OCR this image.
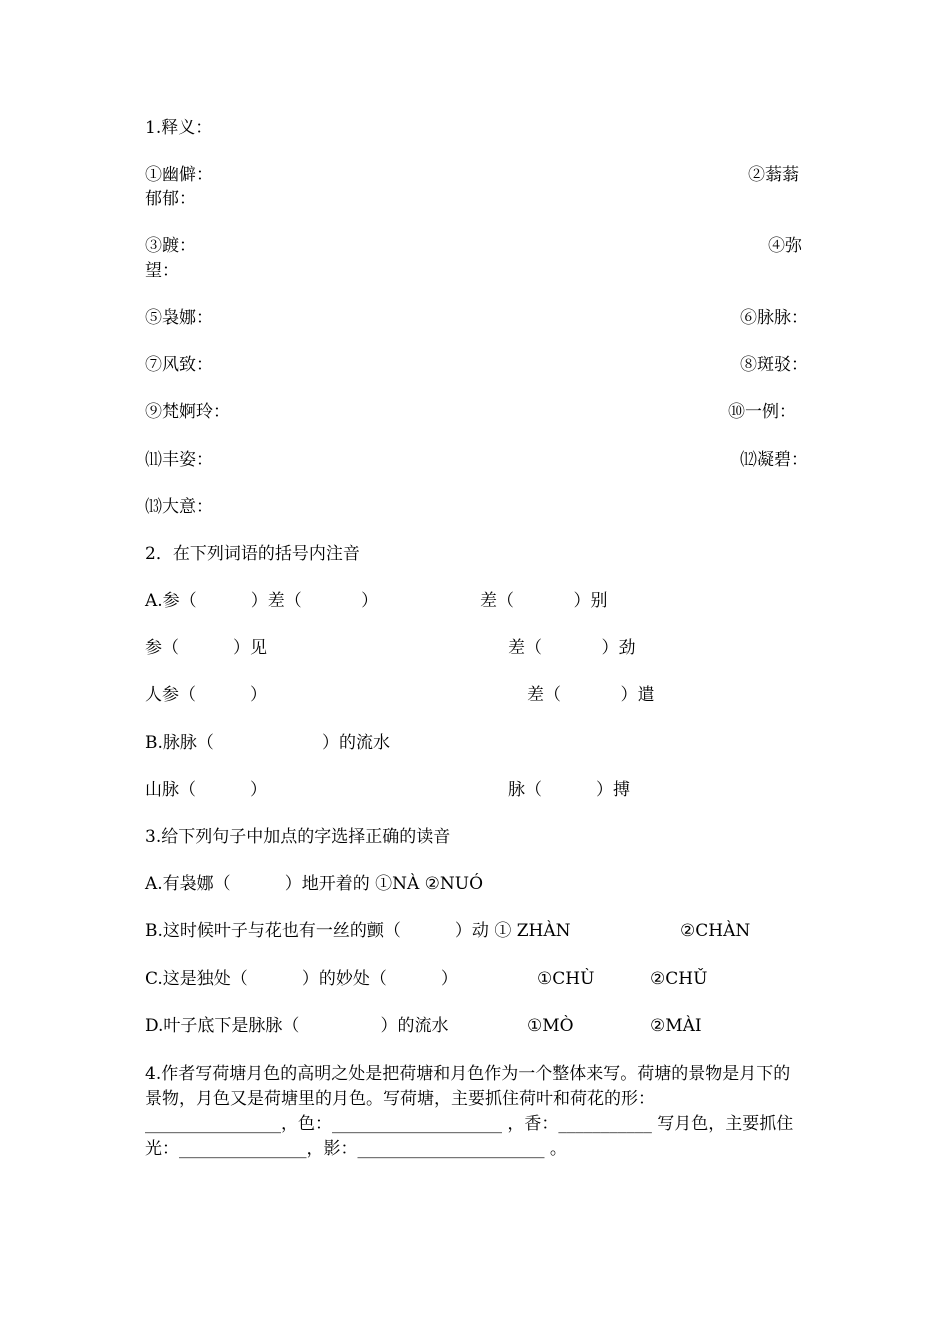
1.释义：
①幽僻：	②蓊蓊
郁郁：
③踱：	④弥
望：
⑤袅娜：	⑥脉脉：
⑦风致：	⑧斑驳：
⑨梵婀玲：	⑩一例：
⑾丰姿：	⑿凝碧：
⒀大意：
2．在下列词语的括号内注音
A.参（          ）差（           ）	差（           ）别
参（          ）见	差（           ）劲
人参（          ）	差（           ）遣
B.脉脉（                    ）的流水
山脉（          ）	脉（          ）搏
3.给下列句子中加点的字选择正确的读音
A.有袅娜（          ）地开着的 ①NÀ ②NUÓ
B.这时候叶子与花也有一丝的颤（          ）动 ① ZHÀN	②CHÀN
C.这是独处（          ）的妙处（          ）	①CHÙ	②CHǓ
D.叶子底下是脉脉（               ）的流水	①MÒ	②MÀI
4.作者写荷塘月色的高明之处是把荷塘和月色作为一个整体来写。荷塘的景物是月下的景物，月色又是荷塘里的月色。写荷塘，主要抓住荷叶和荷花的形：________________，色：____________________ ，香：___________ 写月色，主要抓住光：_______________，影：______________________ 。
